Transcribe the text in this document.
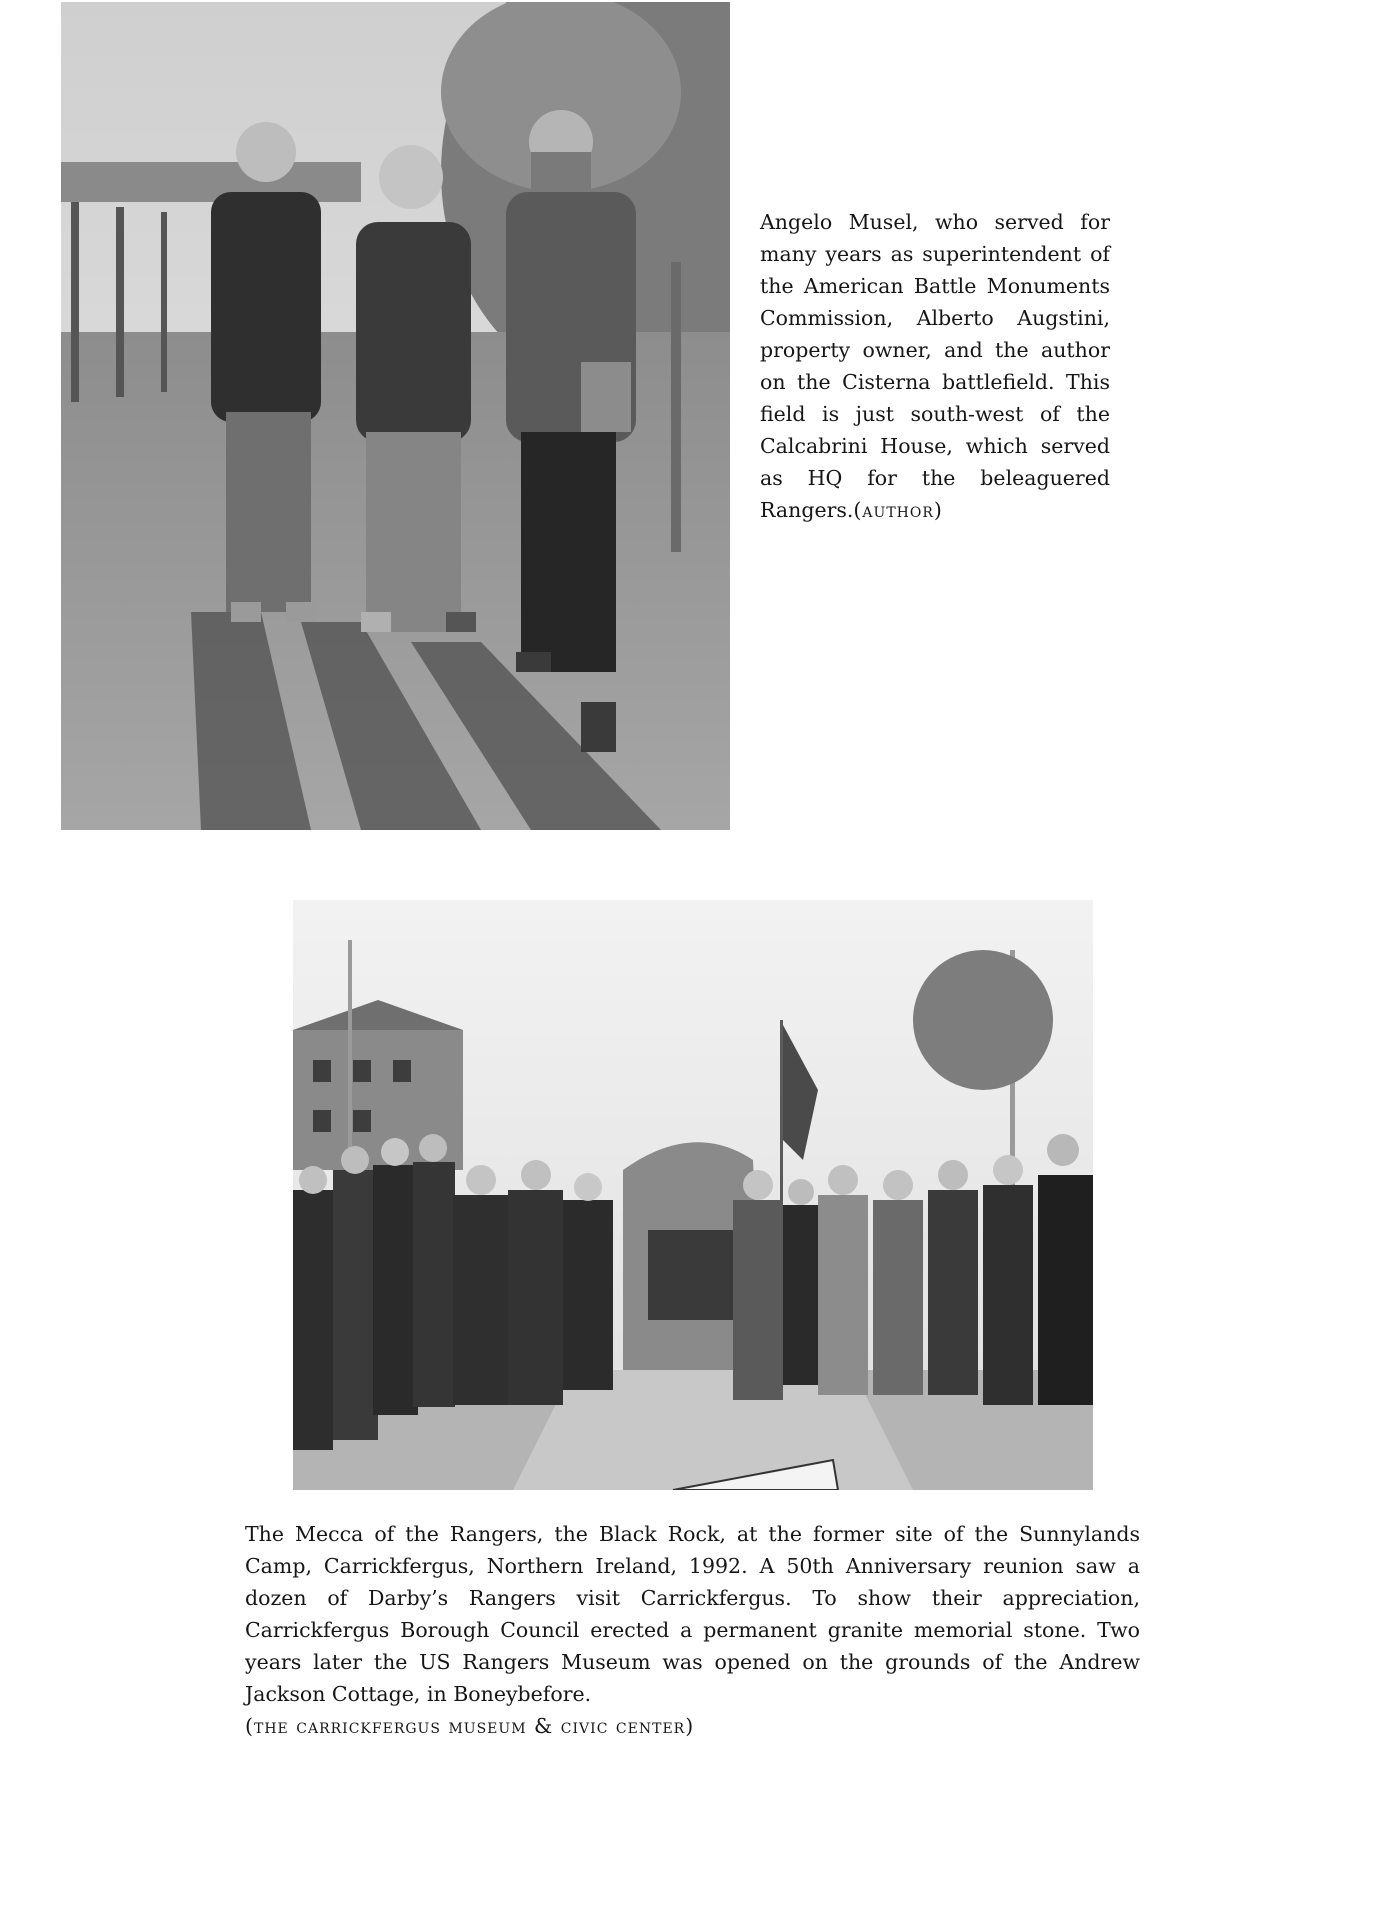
Angelo Musel, who served for many years as superintendent of the American Battle Monuments Commission, Alberto Augstini, property owner, and the author on the Cisterna battlefield. This field is just south-west of the Calcabrini House, which served as HQ for the beleaguered Rangers.(author)
The Mecca of the Rangers, the Black Rock, at the former site of the Sunnylands Camp, Carrickfergus, Northern Ireland, 1992. A 50th Anniversary reunion saw a dozen of Darby’s Rangers visit Carrickfergus. To show their appreciation, Carrickfergus Borough Council erected a permanent granite memorial stone. Two years later the US Rangers Museum was opened on the grounds of the Andrew Jackson Cottage, in Boneybefore.
(the carrickfergus museum & civic center)
